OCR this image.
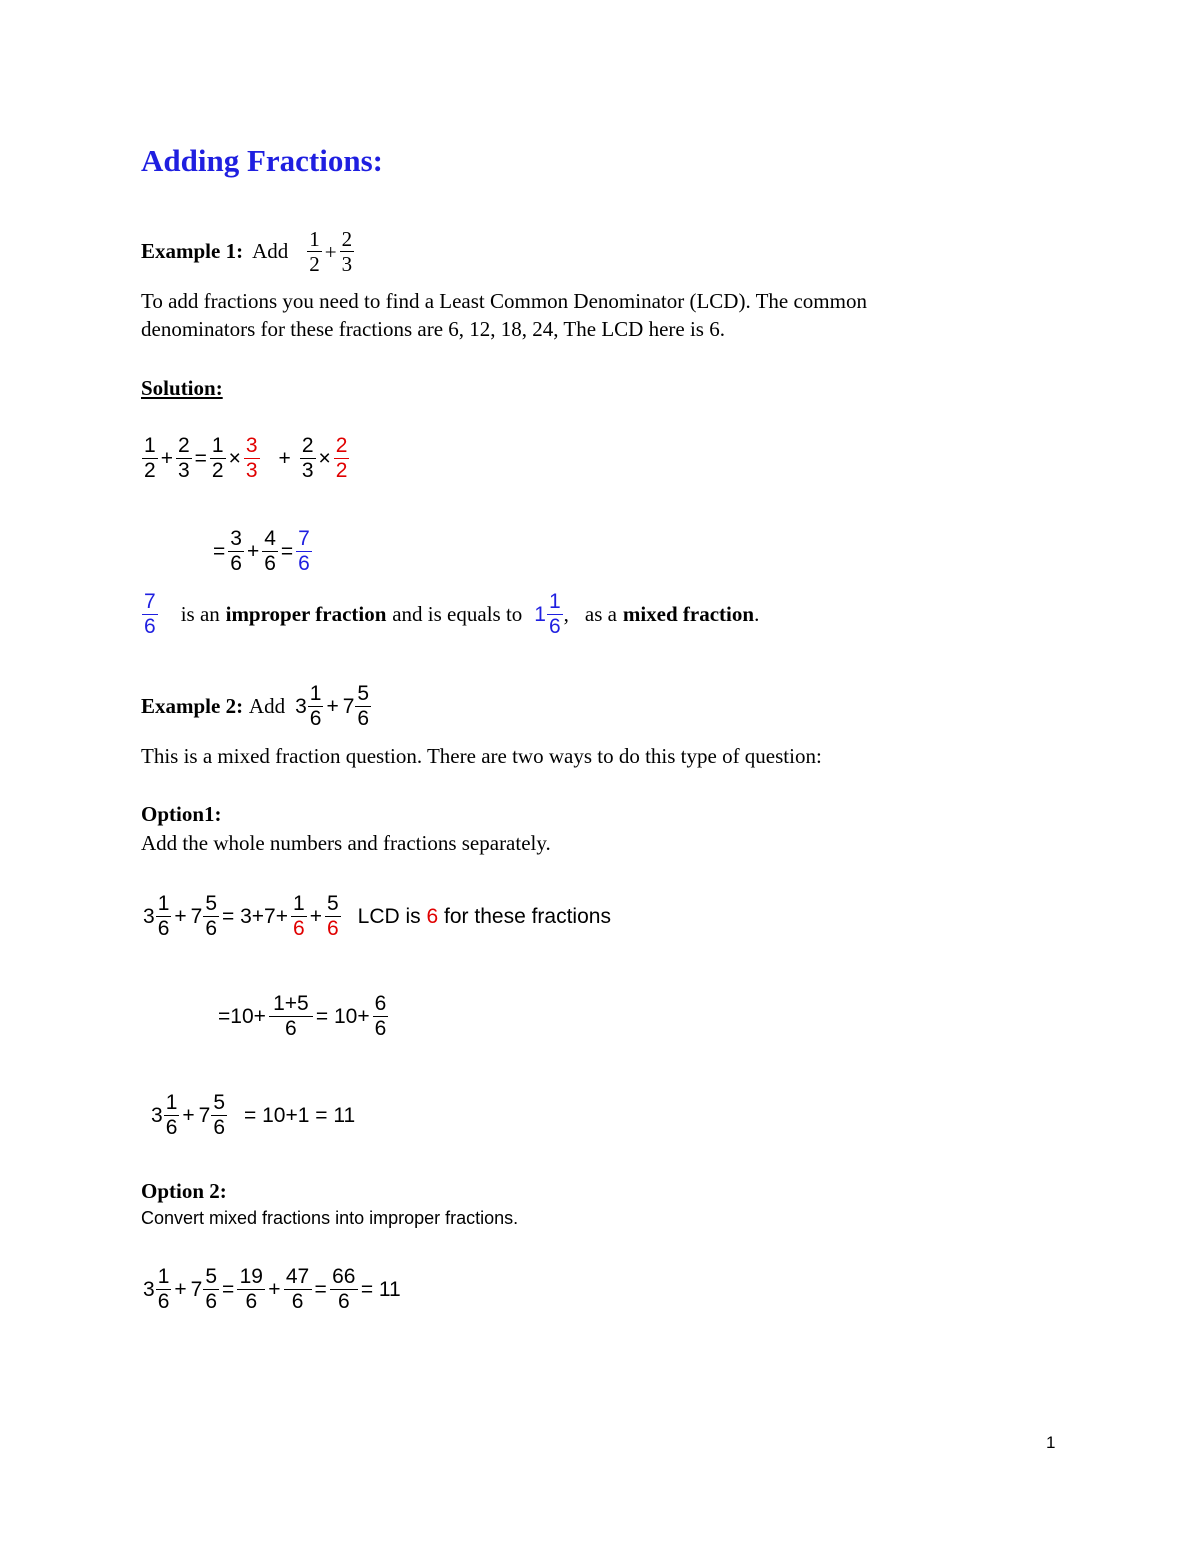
Adding Fractions:
Example 1: Add $\frac{1}{2} + \frac{2}{3}$
To add fractions you need to find a Least Common Denominator (LCD). The common
denominators for these fractions are 6, 12, 18, 24, The LCD here is 6.
Solution:
$\frac{1}{2} + \frac{2}{3} = \frac{1}{2} \times \frac{3}{3} + \frac{2}{3} \times \frac{2}{2}$
= $\frac{3}{6} + \frac{4}{6} = \frac{7}{6}$
$\frac{7}{6}$ is an
improper fraction
and is equals to $1 \frac{1}{6}$ , as a
mixed fraction .
Example 2:
Add $3 \frac{1}{6} + 7 \frac{5}{6}$
This is a mixed fraction question. There are two ways to do this type of question:
Option1:
Add the whole numbers and fractions separately.
$3 \frac{1}{6} + 7 \frac{5}{6} = 3+7+ \frac{1}{6} + \frac{5}{6}$ LCD is
6
for these fractions
$=10+ \frac{1+5}{6} = 10+ \frac{6}{6}$
$3 \frac{1}{6} + 7 \frac{5}{6} = 10+1 = 11$
Option 2:
Convert mixed fractions into improper fractions.
$3 \frac{1}{6} + 7 \frac{5}{6} = \frac{19}{6} + \frac{47}{6} = \frac{66}{6} = 11$
1
